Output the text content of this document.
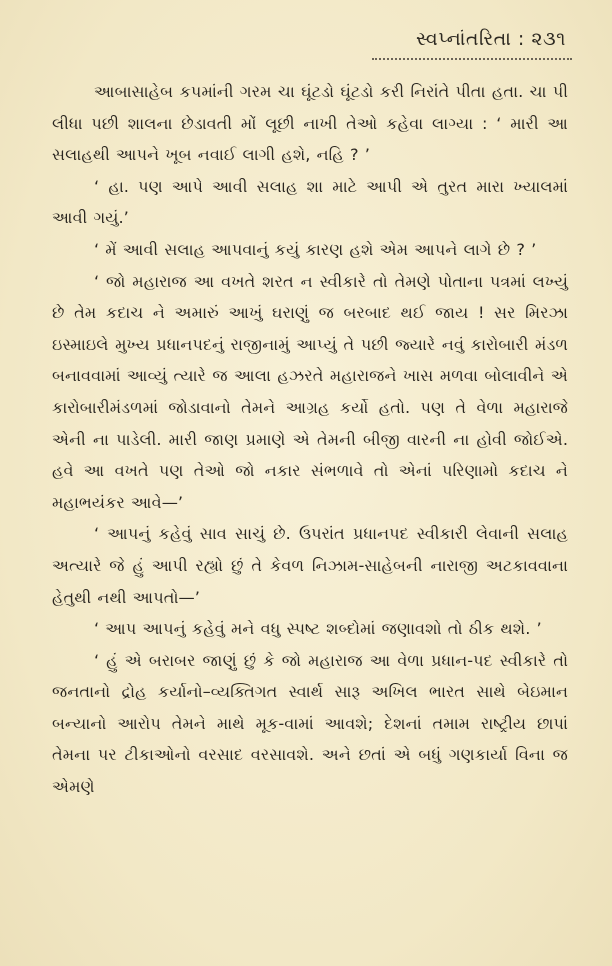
સ્વપ્નાંતરિતા : ૨૩૧

આબાસાહેબ કપમાંની ગરમ ચા ઘૂંટડો ઘૂંટડો કરી નિરાંતે પીતા હતા. ચા પી લીધા પછી શાલના છેડાવતી મોં લૂછી નાખી તેઓ કહેવા લાગ્યા : ‘ મારી આ સલાહથી આપને ખૂબ નવાઈ લાગી હશે, નહિ ? ’

‘ હા. પણ આપે આવી સલાહ શા માટે આપી એ તુરત મારા ખ્યાલમાં આવી ગયું.’

‘ મેં આવી સલાહ આપવાનું કયું કારણ હશે એમ આપને લાગે છે ? ’

‘ જો મહારાજ આ વખતે શરત ન સ્વીકારે તો તેમણે પોતાના પત્રમાં લખ્યું છે તેમ કદાચ ને અમારું આખું ઘરાણું જ બરબાદ થઈ જાય ! સર મિરઝા ઇસ્માઇલે મુખ્ય પ્રધાનપદનું રાજીનામું આપ્યું તે પછી જ્યારે નવું કારોબારી મંડળ બનાવવામાં આવ્યું ત્યારે જ આલા હઝરતે મહારાજને ખાસ મળવા બોલાવીને એ કારોબારીમંડળમાં જોડાવાનો તેમને આગ્રહ કર્યો હતો. પણ તે વેળા મહારાજે એની ના પાડેલી. મારી જાણ પ્રમાણે એ તેમની બીજી વારની ના હોવી જોઈએ. હવે આ વખતે પણ તેઓ જો નકાર સંભળાવે તો એનાં પરિણામો કદાચ ને મહાભયંકર આવે—’

‘ આપનું કહેવું સાવ સાચું છે. ઉપરાંત પ્રધાનપદ સ્વીકારી લેવાની સલાહ અત્યારે જે હું આપી રહ્યો છું તે કેવળ નિઝામ-સાહેબની નારાજી અટકાવવાના હેતુથી નથી આપતો—’

‘ આપ આપનું કહેવું મને વધુ સ્પષ્ટ શબ્દોમાં જણાવશો તો ઠીક થશે. ’

‘ હું એ બરાબર જાણું છું કે જો મહારાજ આ વેળા પ્રધાન-પદ સ્વીકારે તો જનતાનો દ્રોહ કર્યાનો–વ્યક્તિગત સ્વાર્થ સારૂ અખિલ ભારત સાથે બેઇમાન બન્યાનો આરોપ તેમને માથે મૂક-વામાં આવશે; દેશનાં તમામ રાષ્ટ્રીય છાપાં તેમના પર ટીકાઓનો વરસાદ વરસાવશે. અને છતાં એ બધું ગણકાર્યા વિના જ એમણે
